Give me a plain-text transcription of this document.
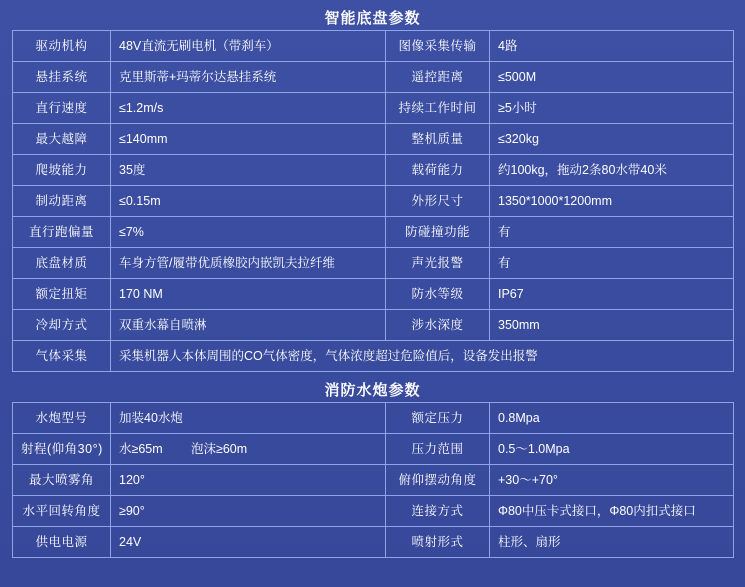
智能底盘参数
驱动机构	48V直流无刷电机（带刹车）	图像采集传输	4路
悬挂系统	克里斯蒂+玛蒂尔达悬挂系统	遥控距离	≤500M
直行速度	≤1.2m/s	持续工作时间	≥5小时
最大越障	≤140mm	整机质量	≤320kg
爬坡能力	35度	载荷能力	约100kg，拖动2条80水带40米
制动距离	≤0.15m	外形尺寸	1350*1000*1200mm
直行跑偏量	≤7%	防碰撞功能	有
底盘材质	车身方管/履带优质橡胶内嵌凯夫拉纤维	声光报警	有
额定扭矩	170 NM	防水等级	IP67
冷却方式	双重水幕自喷淋	涉水深度	350mm
气体采集	采集机器人本体周围的CO气体密度，气体浓度超过危险值后，设备发出报警		
消防水炮参数
水炮型号	加装40水炮	额定压力	0.8Mpa
射程(仰角30°)	水≥65m 泡沫≥60m	压力范围	0.5～1.0Mpa
最大喷雾角	120°	俯仰摆动角度	+30～+70°
水平回转角度	≥90°	连接方式	Φ80中压卡式接口，Φ80内扣式接口
供电电源	24V	喷射形式	柱形、扇形
